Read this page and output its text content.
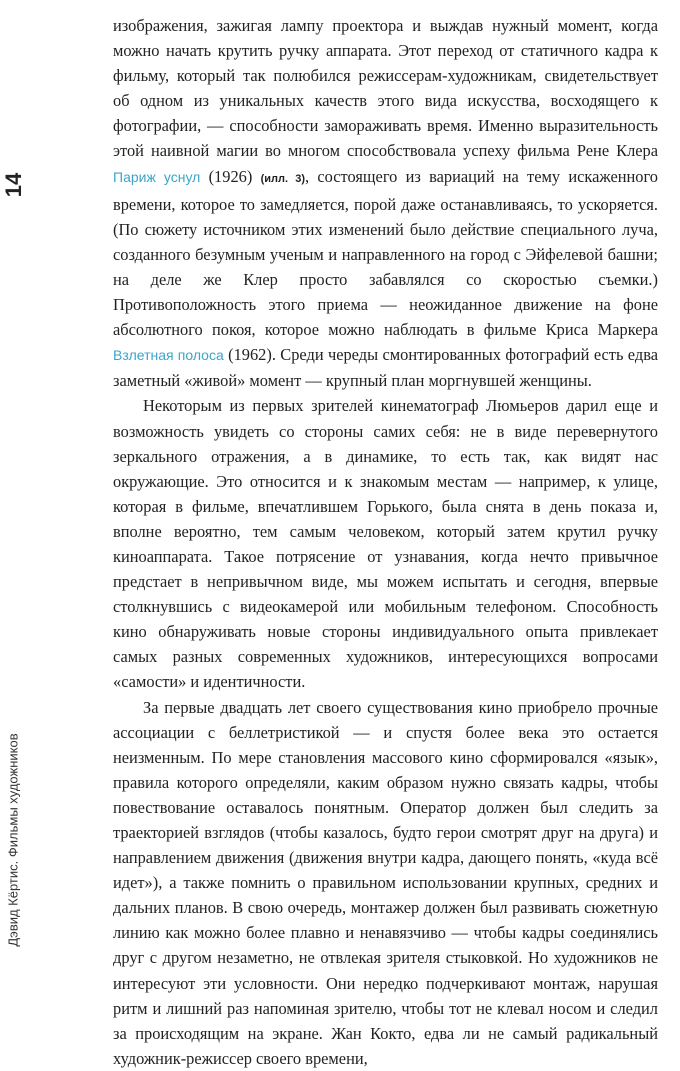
14
Дэвид Кёртис. Фильмы художников

изображения, зажигая лампу проектора и выждав нужный момент, когда можно начать крутить ручку аппарата. Этот переход от статичного кадра к фильму, который так полюбился режиссерам-художникам, свидетельствует об одном из уникальных качеств этого вида искусства, восходящего к фотографии, — способности замораживать время. Именно выразительность этой наивной магии во многом способствовала успеху фильма Рене Клера Париж уснул (1926) (илл. 3), состоящего из вариаций на тему искаженного времени, которое то замедляется, порой даже останавливаясь, то ускоряется. (По сюжету источником этих изменений было действие специального луча, созданного безумным ученым и направленного на город с Эйфелевой башни; на деле же Клер просто забавлялся со скоростью съемки.) Противоположность этого приема — неожиданное движение на фоне абсолютного покоя, которое можно наблюдать в фильме Криса Маркера Взлетная полоса (1962). Среди череды смонтированных фотографий есть едва заметный «живой» момент — крупный план моргнувшей женщины.

Некоторым из первых зрителей кинематограф Люмьеров дарил еще и возможность увидеть со стороны самих себя: не в виде перевернутого зеркального отражения, а в динамике, то есть так, как видят нас окружающие. Это относится и к знакомым местам — например, к улице, которая в фильме, впечатлившем Горького, была снята в день показа и, вполне вероятно, тем самым человеком, который затем крутил ручку киноаппарата. Такое потрясение от узнавания, когда нечто привычное предстает в непривычном виде, мы можем испытать и сегодня, впервые столкнувшись с видеокамерой или мобильным телефоном. Способность кино обнаруживать новые стороны индивидуального опыта привлекает самых разных современных художников, интересующихся вопросами «самости» и идентичности.

За первые двадцать лет своего существования кино приобрело прочные ассоциации с беллетристикой — и спустя более века это остается неизменным. По мере становления массового кино сформировался «язык», правила которого определяли, каким образом нужно связать кадры, чтобы повествование оставалось понятным. Оператор должен был следить за траекторией взглядов (чтобы казалось, будто герои смотрят друг на друга) и направлением движения (движения внутри кадра, дающего понять, «куда всё идет»), а также помнить о правильном использовании крупных, средних и дальних планов. В свою очередь, монтажер должен был развивать сюжетную линию как можно более плавно и ненавязчиво — чтобы кадры соединялись друг с другом незаметно, не отвлекая зрителя стыковкой. Но художников не интересуют эти условности. Они нередко подчеркивают монтаж, нарушая ритм и лишний раз напоминая зрителю, чтобы тот не клевал носом и следил за происходящим на экране. Жан Кокто, едва ли не самый радикальный художник-режиссер своего времени,
